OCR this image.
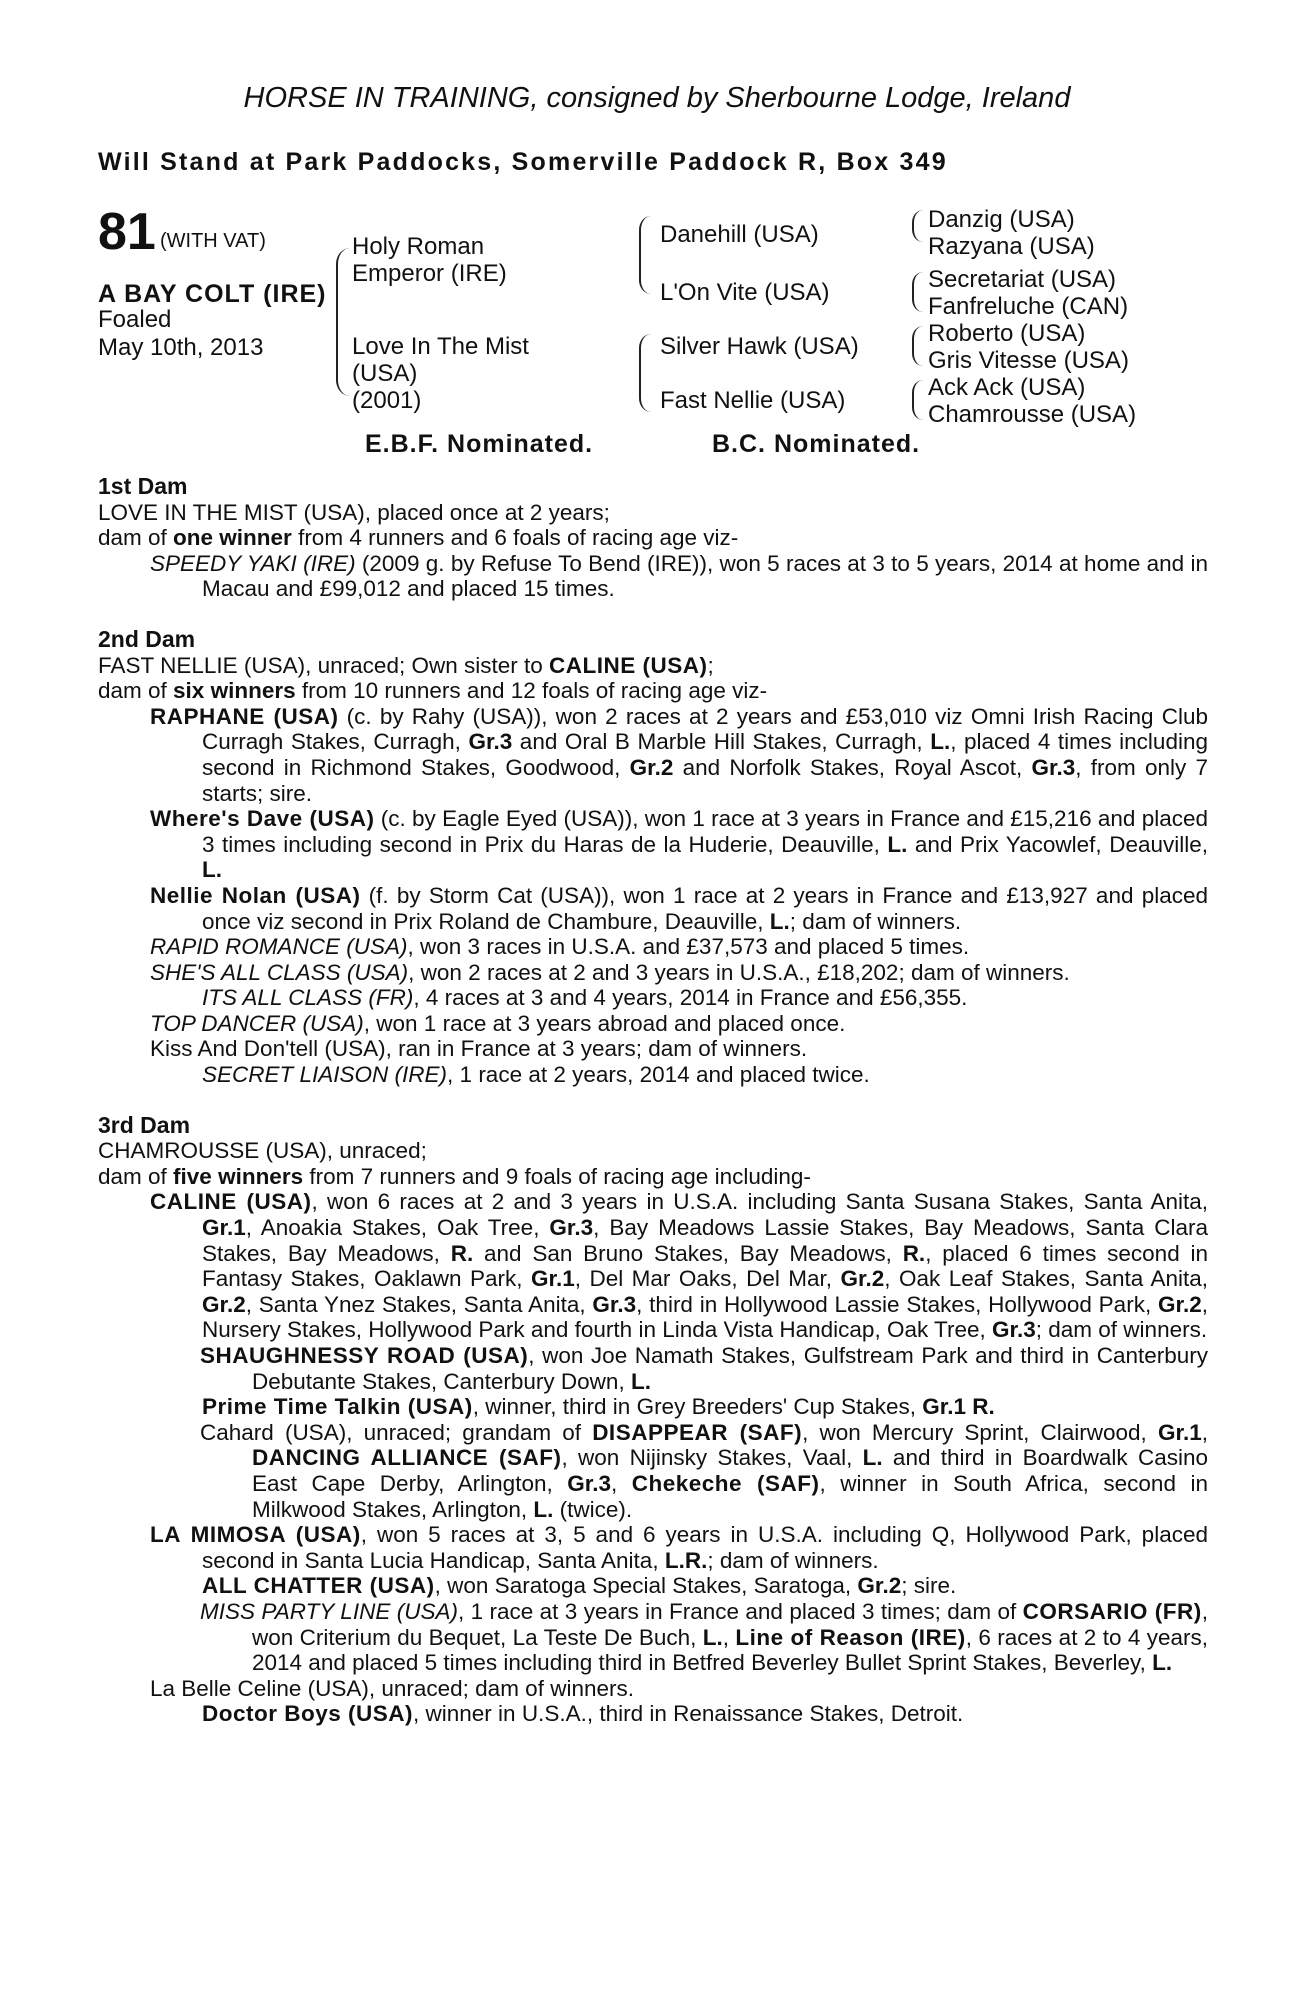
HORSE IN TRAINING, consigned by Sherbourne Lodge, Ireland
Will Stand at Park Paddocks, Somerville Paddock R, Box 349
81 (WITH VAT)
A BAY COLT (IRE)
Foaled
May 10th, 2013
Holy Roman
Emperor (IRE)
Love In The Mist
(USA)
(2001)
Danehill (USA)
L'On Vite (USA)
Silver Hawk (USA)
Fast Nellie (USA)
Danzig (USA)
Razyana (USA)
Secretariat (USA)
Fanfreluche (CAN)
Roberto (USA)
Gris Vitesse (USA)
Ack Ack (USA)
Chamrousse (USA)
E.B.F. Nominated.	B.C. Nominated.

1st Dam

LOVE IN THE MIST (USA), placed once at 2 years;

dam of one winner from 4 runners and 6 foals of racing age viz-

SPEEDY YAKI (IRE) (2009 g. by Refuse To Bend (IRE)), won 5 races at 3 to 5 years, 2014 at home and in Macau and £99,012 and placed 15 times.

2nd Dam

FAST NELLIE (USA), unraced; Own sister to CALINE (USA);

dam of six winners from 10 runners and 12 foals of racing age viz-

RAPHANE (USA) (c. by Rahy (USA)), won 2 races at 2 years and £53,010 viz Omni Irish Racing Club Curragh Stakes, Curragh, Gr.3 and Oral B Marble Hill Stakes, Curragh, L., placed 4 times including second in Richmond Stakes, Goodwood, Gr.2 and Norfolk Stakes, Royal Ascot, Gr.3, from only 7 starts; sire.

Where's Dave (USA) (c. by Eagle Eyed (USA)), won 1 race at 3 years in France and £15,216 and placed 3 times including second in Prix du Haras de la Huderie, Deauville, L. and Prix Yacowlef, Deauville, L.

Nellie Nolan (USA) (f. by Storm Cat (USA)), won 1 race at 2 years in France and £13,927 and placed once viz second in Prix Roland de Chambure, Deauville, L.; dam of winners.

RAPID ROMANCE (USA), won 3 races in U.S.A. and £37,573 and placed 5 times.

SHE'S ALL CLASS (USA), won 2 races at 2 and 3 years in U.S.A., £18,202; dam of winners.

ITS ALL CLASS (FR), 4 races at 3 and 4 years, 2014 in France and £56,355.

TOP DANCER (USA), won 1 race at 3 years abroad and placed once.

Kiss And Don'tell (USA), ran in France at 3 years; dam of winners.

SECRET LIAISON (IRE), 1 race at 2 years, 2014 and placed twice.

3rd Dam

CHAMROUSSE (USA), unraced;

dam of five winners from 7 runners and 9 foals of racing age including-

CALINE (USA), won 6 races at 2 and 3 years in U.S.A. including Santa Susana Stakes, Santa Anita, Gr.1, Anoakia Stakes, Oak Tree, Gr.3, Bay Meadows Lassie Stakes, Bay Meadows, Santa Clara Stakes, Bay Meadows, R. and San Bruno Stakes, Bay Meadows, R., placed 6 times second in Fantasy Stakes, Oaklawn Park, Gr.1, Del Mar Oaks, Del Mar, Gr.2, Oak Leaf Stakes, Santa Anita, Gr.2, Santa Ynez Stakes, Santa Anita, Gr.3, third in Hollywood Lassie Stakes, Hollywood Park, Gr.2, Nursery Stakes, Hollywood Park and fourth in Linda Vista Handicap, Oak Tree, Gr.3; dam of winners.

SHAUGHNESSY ROAD (USA), won Joe Namath Stakes, Gulfstream Park and third in Canterbury Debutante Stakes, Canterbury Down, L.

Prime Time Talkin (USA), winner, third in Grey Breeders' Cup Stakes, Gr.1 R.

Cahard (USA), unraced; grandam of DISAPPEAR (SAF), won Mercury Sprint, Clairwood, Gr.1, DANCING ALLIANCE (SAF), won Nijinsky Stakes, Vaal, L. and third in Boardwalk Casino East Cape Derby, Arlington, Gr.3, Chekeche (SAF), winner in South Africa, second in Milkwood Stakes, Arlington, L. (twice).

LA MIMOSA (USA), won 5 races at 3, 5 and 6 years in U.S.A. including Q, Hollywood Park, placed second in Santa Lucia Handicap, Santa Anita, L.R.; dam of winners.

ALL CHATTER (USA), won Saratoga Special Stakes, Saratoga, Gr.2; sire.

MISS PARTY LINE (USA), 1 race at 3 years in France and placed 3 times; dam of CORSARIO (FR), won Criterium du Bequet, La Teste De Buch, L., Line of Reason (IRE), 6 races at 2 to 4 years, 2014 and placed 5 times including third in Betfred Beverley Bullet Sprint Stakes, Beverley, L.

La Belle Celine (USA), unraced; dam of winners.

Doctor Boys (USA), winner in U.S.A., third in Renaissance Stakes, Detroit.
